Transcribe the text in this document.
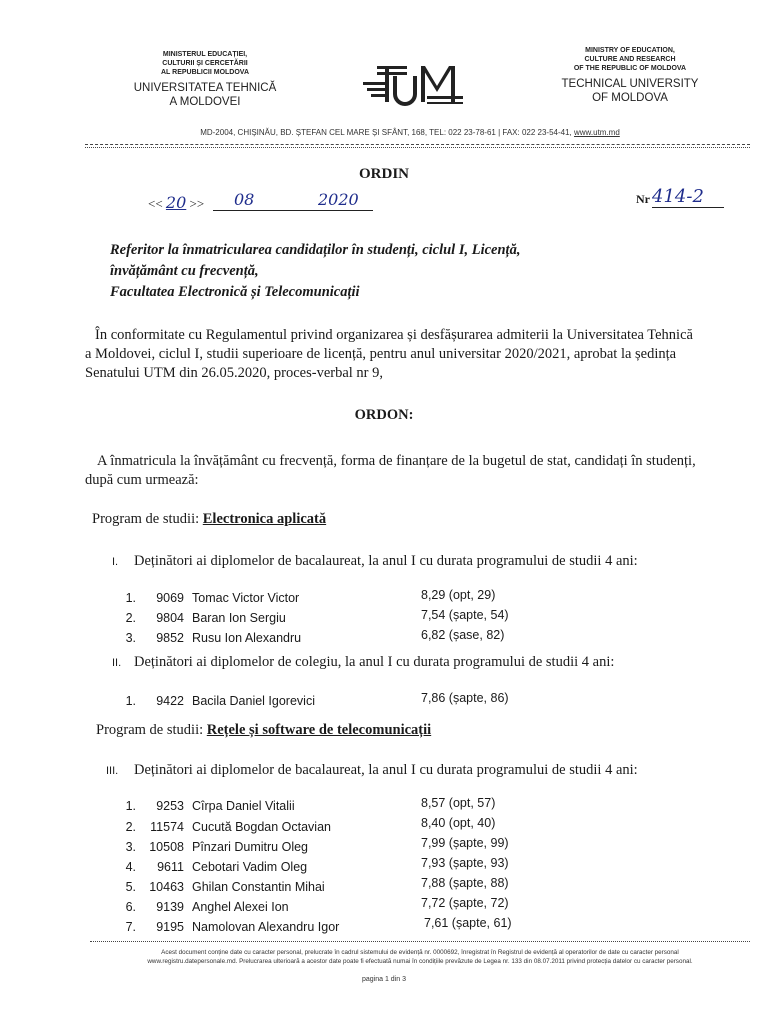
MINISTERUL EDUCAȚIEI,
CULTURII ȘI CERCETĂRII
AL REPUBLICII MOLDOVA
UNIVERSITATEA TEHNICĂ
A MOLDOVEI
MINISTRY OF EDUCATION,
CULTURE AND RESEARCH
OF THE REPUBLIC OF MOLDOVA
TECHNICAL UNIVERSITY
OF MOLDOVA
MD-2004, CHIȘINĂU, BD. ȘTEFAN CEL MARE ȘI SFÂNT, 168, TEL: 022 23-78-61 | FAX: 022 23-54-41, www.utm.md
ORDIN
<< 20 >> 08	2020	Nr 414-2
Referitor la înmatricularea candidaților în studenți, ciclul I, Licență,
învățământ cu frecvență,
Facultatea Electronică și Telecomunicații
În conformitate cu Regulamentul privind organizarea și desfășurarea admiterii la Universitatea Tehnică
a Moldovei, ciclul I, studii superioare de licență, pentru anul universitar 2020/2021, aprobat la ședința
Senatului UTM din 26.05.2020, proces-verbal nr 9,
ORDON:
A înmatricula la învățământ cu frecvență, forma de finanțare de la bugetul de stat, candidați în studenți,
după cum urmează:
Program de studii: Electronica aplicată
I. Deținători ai diplomelor de bacalaureat, la anul I cu durata programului de studii 4 ani:
1.	9069 Tomac Victor Victor	8,29 (opt, 29)
2.	9804 Baran Ion Sergiu	7,54 (șapte, 54)
3.	9852 Rusu Ion Alexandru	6,82 (șase, 82)
II. Deținători ai diplomelor de colegiu, la anul I cu durata programului de studii 4 ani:
1.	9422 Bacila Daniel Igorevici	7,86 (șapte, 86)
Program de studii: Rețele și software de telecomunicații
III. Deținători ai diplomelor de bacalaureat, la anul I cu durata programului de studii 4 ani:
1.	9253 Cîrpa Daniel Vitalii	8,57 (opt, 57)
2.	11574 Cucută Bogdan Octavian	8,40 (opt, 40)
3.	10508 Pînzari Dumitru Oleg	7,99 (șapte, 99)
4.	9611 Cebotari Vadim Oleg	7,93 (șapte, 93)
5.	10463 Ghilan Constantin Mihai	7,88 (șapte, 88)
6.	9139 Anghel Alexei Ion	7,72 (șapte, 72)
7.	9195 Namolovan Alexandru Igor	7,61 (șapte, 61)
Acest document conține date cu caracter personal, prelucrate în cadrul sistemului de evidență nr. 0000692, înregistrat în Registrul de evidență al operatorilor de date cu caracter personal
www.registru.datepersonale.md. Prelucrarea ulterioară a acestor date poate fi efectuată numai în condițiile prevăzute de Legea nr. 133 din 08.07.2011 privind protecția datelor cu caracter personal.
pagina 1 din 3
